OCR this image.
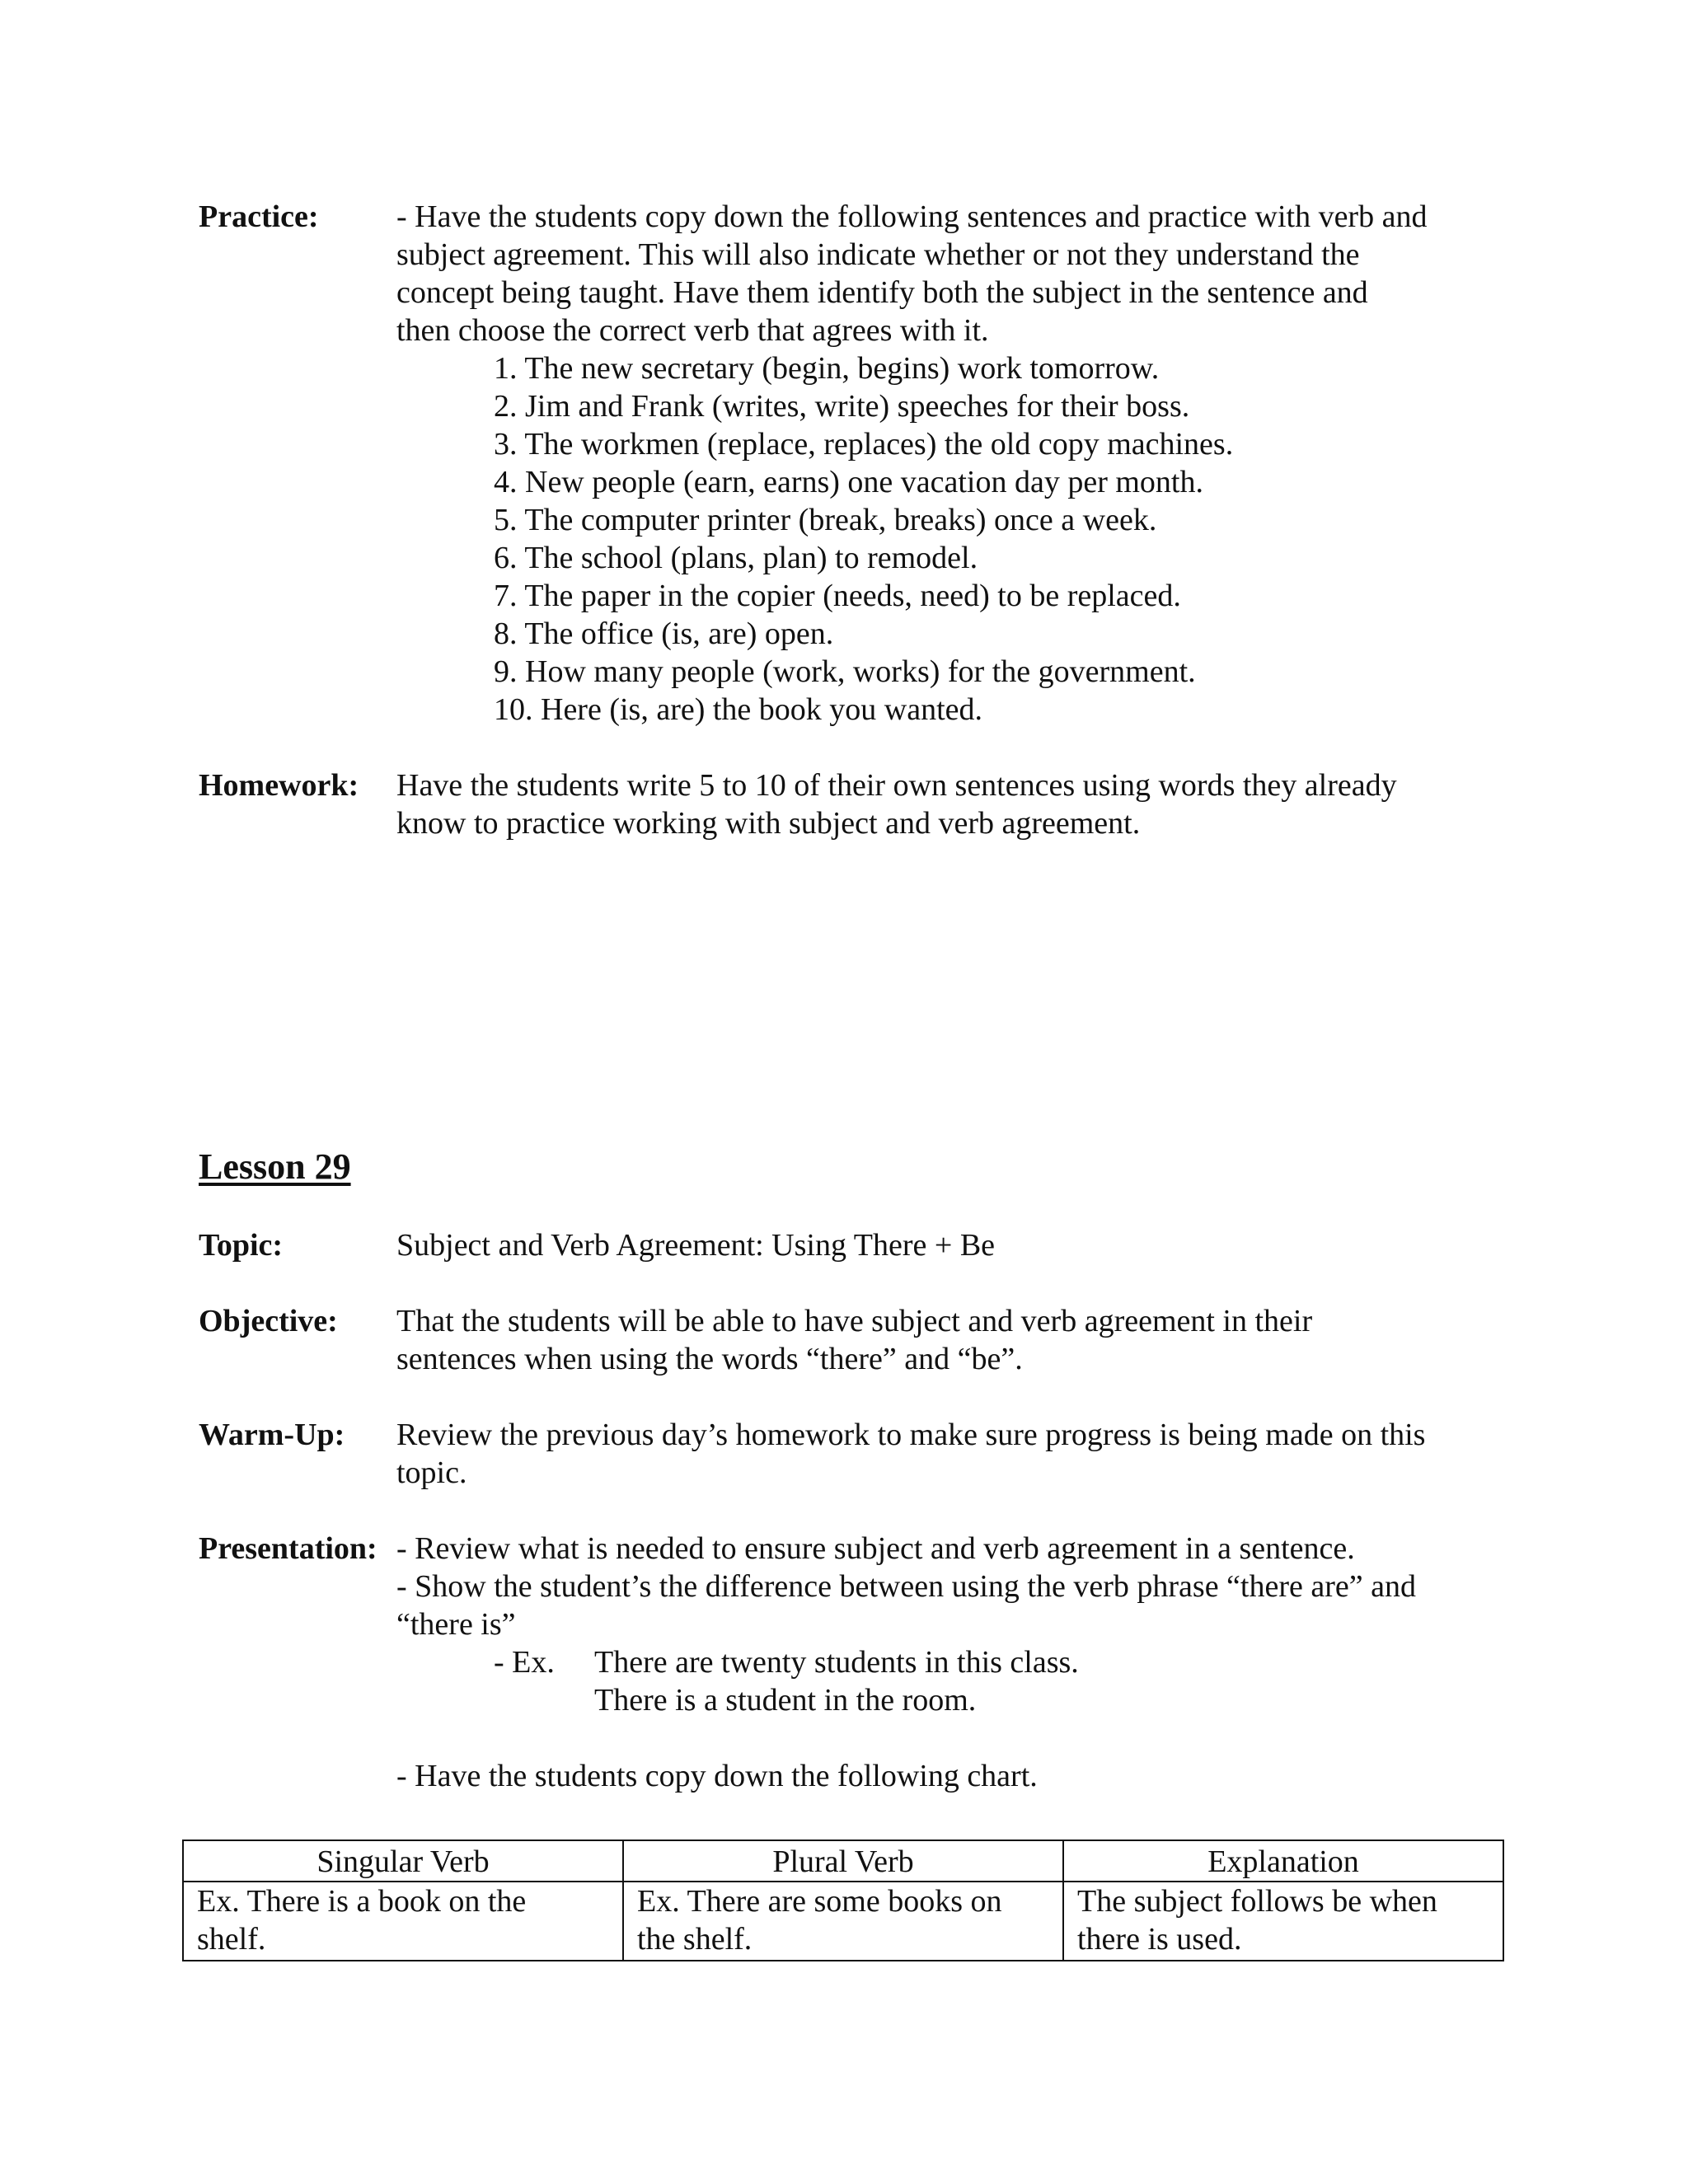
Practice: - Have the students copy down the following sentences and practice with verb and
subject agreement. This will also indicate whether or not they understand the
concept being taught. Have them identify both the subject in the sentence and
then choose the correct verb that agrees with it.
1. The new secretary (begin, begins) work tomorrow.
2. Jim and Frank (writes, write) speeches for their boss.
3. The workmen (replace, replaces) the old copy machines.
4. New people (earn, earns) one vacation day per month.
5. The computer printer (break, breaks) once a week.
6. The school (plans, plan) to remodel.
7. The paper in the copier (needs, need) to be replaced.
8. The office (is, are) open.
9. How many people (work, works) for the government.
10. Here (is, are) the book you wanted.
Homework: Have the students write 5 to 10 of their own sentences using words they already
know to practice working with subject and verb agreement.
Lesson 29
Topic:	Subject and Verb Agreement: Using There + Be
Objective: That the students will be able to have subject and verb agreement in their
sentences when using the words “there” and “be”.
Warm-Up: Review the previous day’s homework to make sure progress is being made on this
topic.
Presentation: - Review what is needed to ensure subject and verb agreement in a sentence.
- Show the student’s the difference between using the verb phrase “there are” and
“there is”
- Ex. There are twenty students in this class.
There is a student in the room.
- Have the students copy down the following chart.
Singular Verb	Plural Verb	Explanation

Ex. There is a book on the
shelf.	Ex. There are some books on
the shelf.	The subject follows be when
there is used.
